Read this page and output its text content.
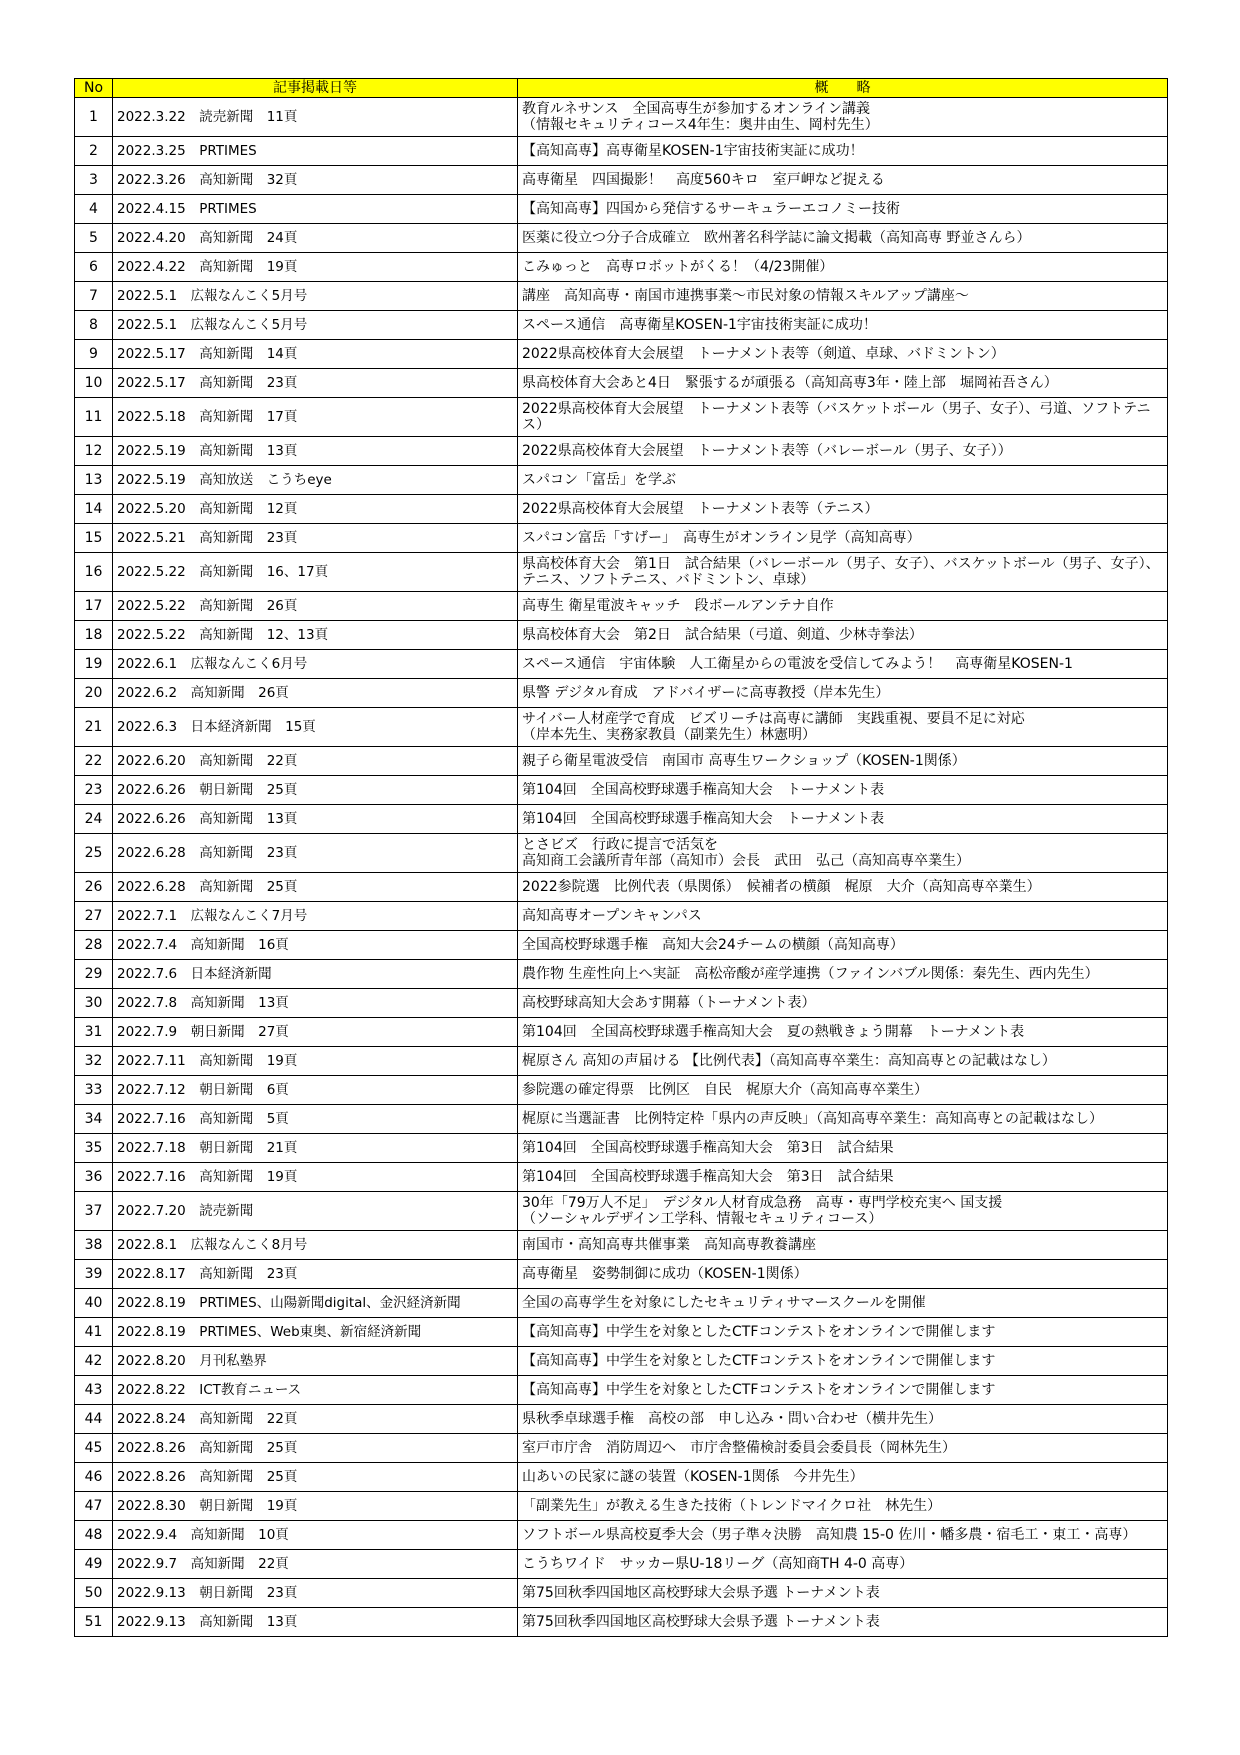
No	記事掲載日等	概　　略
1	2022.3.22　読売新聞　11頁	教育ルネサンス　全国高専生が参加するオンライン講義
（情報セキュリティコース4年生：奥井由生、岡村先生）
2	2022.3.25　PRTIMES	【高知高専】高専衛星KOSEN-1宇宙技術実証に成功！
3	2022.3.26　高知新聞　32頁	高専衛星　四国撮影！　高度560キロ　室戸岬など捉える
4	2022.4.15　PRTIMES	【高知高専】四国から発信するサーキュラーエコノミー技術
5	2022.4.20　高知新聞　24頁	医薬に役立つ分子合成確立　欧州著名科学誌に論文掲載（高知高専 野並さんら）
6	2022.4.22　高知新聞　19頁	こみゅっと　高専ロボットがくる！（4/23開催）
7	2022.5.1　広報なんこく5月号	講座　高知高専・南国市連携事業～市民対象の情報スキルアップ講座～
8	2022.5.1　広報なんこく5月号	スペース通信　高専衛星KOSEN-1宇宙技術実証に成功！
9	2022.5.17　高知新聞　14頁	2022県高校体育大会展望　トーナメント表等（剣道、卓球、バドミントン）
10	2022.5.17　高知新聞　23頁	県高校体育大会あと4日　緊張するが頑張る（高知高専3年・陸上部　堀岡祐吾さん）
11	2022.5.18　高知新聞　17頁	2022県高校体育大会展望　トーナメント表等（バスケットボール（男子、女子）、弓道、ソフトテニス）
12	2022.5.19　高知新聞　13頁	2022県高校体育大会展望　トーナメント表等（バレーボール（男子、女子））
13	2022.5.19　高知放送　こうちeye	スパコン「富岳」を学ぶ
14	2022.5.20　高知新聞　12頁	2022県高校体育大会展望　トーナメント表等（テニス）
15	2022.5.21　高知新聞　23頁	スパコン富岳「すげー」　高専生がオンライン見学（高知高専）
16	2022.5.22　高知新聞　16、17頁	県高校体育大会　第1日　試合結果（バレーボール（男子、女子）、バスケットボール（男子、女子）、テニス、ソフトテニス、バドミントン、卓球）
17	2022.5.22　高知新聞　26頁	高専生 衛星電波キャッチ　段ボールアンテナ自作
18	2022.5.22　高知新聞　12、13頁	県高校体育大会　第2日　試合結果（弓道、剣道、少林寺拳法）
19	2022.6.1　広報なんこく6月号	スペース通信　宇宙体験　人工衛星からの電波を受信してみよう！　高専衛星KOSEN-1
20	2022.6.2　高知新聞　26頁	県警 デジタル育成　アドバイザーに高専教授（岸本先生）
21	2022.6.3　日本経済新聞　15頁	サイバー人材産学で育成　ビズリーチは高専に講師　実践重視、要員不足に対応
（岸本先生、実務家教員（副業先生）林憲明）
22	2022.6.20　高知新聞　22頁	親子ら衛星電波受信　南国市 高専生ワークショップ（KOSEN-1関係）
23	2022.6.26　朝日新聞　25頁	第104回　全国高校野球選手権高知大会　トーナメント表
24	2022.6.26　高知新聞　13頁	第104回　全国高校野球選手権高知大会　トーナメント表
25	2022.6.28　高知新聞　23頁	とさビズ　行政に提言で活気を
高知商工会議所青年部（高知市）会長　武田　弘己（高知高専卒業生）
26	2022.6.28　高知新聞　25頁	2022参院選　比例代表（県関係）　候補者の横顔　梶原　大介（高知高専卒業生）
27	2022.7.1　広報なんこく7月号	高知高専オープンキャンパス
28	2022.7.4　高知新聞　16頁	全国高校野球選手権　高知大会24チームの横顔（高知高専）
29	2022.7.6　日本経済新聞	農作物 生産性向上へ実証　高松帝酸が産学連携（ファインバブル関係：秦先生、西内先生）
30	2022.7.8　高知新聞　13頁	高校野球高知大会あす開幕（トーナメント表）
31	2022.7.9　朝日新聞　27頁	第104回　全国高校野球選手権高知大会　夏の熱戦きょう開幕　トーナメント表
32	2022.7.11　高知新聞　19頁	梶原さん 高知の声届ける 【比例代表】（高知高専卒業生：高知高専との記載はなし）
33	2022.7.12　朝日新聞　6頁	参院選の確定得票　比例区　自民　梶原大介（高知高専卒業生）
34	2022.7.16　高知新聞　5頁	梶原に当選証書　比例特定枠「県内の声反映」（高知高専卒業生：高知高専との記載はなし）
35	2022.7.18　朝日新聞　21頁	第104回　全国高校野球選手権高知大会　第3日　試合結果
36	2022.7.16　高知新聞　19頁	第104回　全国高校野球選手権高知大会　第3日　試合結果
37	2022.7.20　読売新聞	30年「79万人不足」　デジタル人材育成急務　高専・専門学校充実へ 国支援
（ソーシャルデザイン工学科、情報セキュリティコース）
38	2022.8.1　広報なんこく8月号	南国市・高知高専共催事業　高知高専教養講座
39	2022.8.17　高知新聞　23頁	高専衛星　姿勢制御に成功（KOSEN-1関係）
40	2022.8.19　PRTIMES、山陽新聞digital、金沢経済新聞	全国の高専学生を対象にしたセキュリティサマースクールを開催
41	2022.8.19　PRTIMES、Web東奥、新宿経済新聞	【高知高専】中学生を対象としたCTFコンテストをオンラインで開催します
42	2022.8.20　月刊私塾界	【高知高専】中学生を対象としたCTFコンテストをオンラインで開催します
43	2022.8.22　ICT教育ニュース	【高知高専】中学生を対象としたCTFコンテストをオンラインで開催します
44	2022.8.24　高知新聞　22頁	県秋季卓球選手権　高校の部　申し込み・問い合わせ（横井先生）
45	2022.8.26　高知新聞　25頁	室戸市庁舎　消防周辺へ　市庁舎整備検討委員会委員長（岡林先生）
46	2022.8.26　高知新聞　25頁	山あいの民家に謎の装置（KOSEN-1関係　今井先生）
47	2022.8.30　朝日新聞　19頁	「副業先生」が教える生きた技術（トレンドマイクロ社　林先生）
48	2022.9.4　高知新聞　10頁	ソフトボール県高校夏季大会（男子準々決勝　高知農 15-0 佐川・幡多農・宿毛工・東工・高専）
49	2022.9.7　高知新聞　22頁	こうちワイド　サッカー県U-18リーグ（高知商TH 4-0 高専）
50	2022.9.13　朝日新聞　23頁	第75回秋季四国地区高校野球大会県予選 トーナメント表
51	2022.9.13　高知新聞　13頁	第75回秋季四国地区高校野球大会県予選 トーナメント表
